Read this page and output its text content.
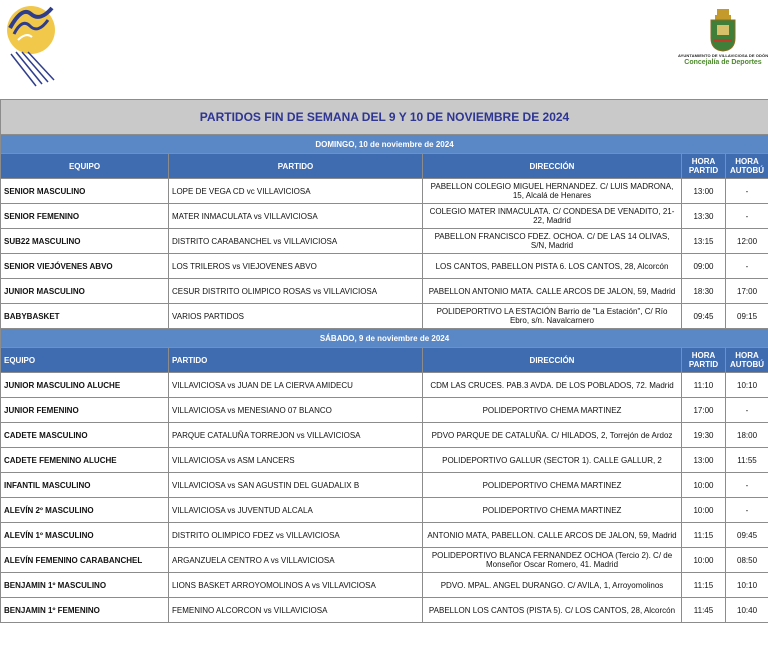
AYUNTAMIENTO DE VILLAVICIOSA DE ODÓN
Concejalía de Deportes
PARTIDOS FIN DE SEMANA DEL 9 Y 10 DE NOVIEMBRE DE 2024				
DOMINGO, 10 de noviembre de 2024				
EQUIPO	PARTIDO	DIRECCIÓN	HORA PARTID	HORA AUTOBÚ
SENIOR MASCULINO	LOPE DE VEGA CD vc VILLAVICIOSA	PABELLON COLEGIO MIGUEL HERNANDEZ. C/ LUIS MADRONA, 15, Alcalá de Henares	13:00	-
SENIOR FEMENINO	MATER INMACULATA vs VILLAVICIOSA	COLEGIO MATER INMACULATA. C/ CONDESA DE VENADITO, 21-22, Madrid	13:30	-
SUB22 MASCULINO	DISTRITO CARABANCHEL vs VILLAVICIOSA	PABELLON FRANCISCO FDEZ. OCHOA. C/ DE LAS 14 OLIVAS, S/N, Madrid	13:15	12:00
SENIOR VIEJÓVENES ABVO	LOS TRILEROS vs VIEJOVENES ABVO	LOS CANTOS, PABELLON PISTA 6. LOS CANTOS, 28, Alcorcón	09:00	-
JUNIOR MASCULINO	CESUR DISTRITO OLIMPICO ROSAS vs VILLAVICIOSA	PABELLON ANTONIO MATA. CALLE ARCOS DE JALON, 59, Madrid	18:30	17:00
BABYBASKET	VARIOS PARTIDOS	POLIDEPORTIVO LA ESTACIÓN Barrio de "La Estación", C/ Río Ebro, s/n. Navalcarnero	09:45	09:15
SÁBADO, 9 de noviembre de 2024				
EQUIPO	PARTIDO	DIRECCIÓN	HORA PARTID	HORA AUTOBÚ
JUNIOR MASCULINO ALUCHE	VILLAVICIOSA vs JUAN DE LA CIERVA AMIDECU	CDM LAS CRUCES. PAB.3 AVDA. DE LOS POBLADOS, 72. Madrid	11:10	10:10
JUNIOR FEMENINO	VILLAVICIOSA vs MENESIANO 07 BLANCO	POLIDEPORTIVO CHEMA MARTINEZ	17:00	-
CADETE MASCULINO	PARQUE CATALUÑA TORREJON vs VILLAVICIOSA	PDVO PARQUE DE CATALUÑA. C/ HILADOS, 2, Torrejón de Ardoz	19:30	18:00
CADETE FEMENINO ALUCHE	VILLAVICIOSA vs ASM LANCERS	POLIDEPORTIVO GALLUR (SECTOR 1). CALLE GALLUR, 2	13:00	11:55
INFANTIL MASCULINO	VILLAVICIOSA vs SAN AGUSTIN DEL GUADALIX B	POLIDEPORTIVO CHEMA MARTINEZ	10:00	-
ALEVÍN 2º MASCULINO	VILLAVICIOSA vs JUVENTUD ALCALA	POLIDEPORTIVO CHEMA MARTINEZ	10:00	-
ALEVÍN 1º MASCULINO	DISTRITO OLIMPICO FDEZ vs VILLAVICIOSA	ANTONIO MATA, PABELLON. CALLE ARCOS DE JALON, 59, Madrid	11:15	09:45
ALEVÍN FEMENINO CARABANCHEL	ARGANZUELA CENTRO A vs VILLAVICIOSA	POLIDEPORTIVO BLANCA FERNANDEZ OCHOA (Tercio 2). C/ de Monseñor Oscar Romero, 41. Madrid	10:00	08:50
BENJAMIN 1º MASCULINO	LIONS BASKET ARROYOMOLINOS A vs VILLAVICIOSA	PDVO. MPAL. ANGEL DURANGO. C/ AVILA, 1, Arroyomolinos	11:15	10:10
BENJAMIN 1º FEMENINO	FEMENINO ALCORCON vs VILLAVICIOSA	PABELLON LOS CANTOS (PISTA 5). C/ LOS CANTOS, 28, Alcorcón	11:45	10:40
